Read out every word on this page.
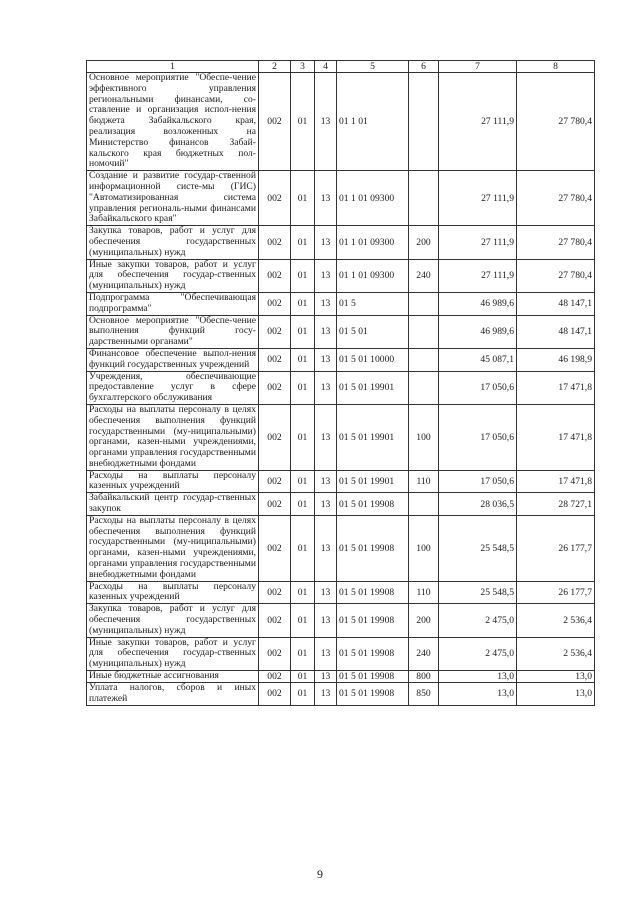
1	2	3	4	5	6	7	8
Основное мероприятие "Обеспе-чение эффективного управления региональными финансами, со-ставление и организация испол-нения бюджета Забайкальского края, реализация возложенных на Министерство финансов Забай-кальского края бюджетных пол-номочий"	002	01	13	01 1 01		27 111,9	27 780,4
Создание и развитие государ-ственной информационной систе-мы (ГИС) "Автоматизированная система управления региональ-ными финансами Забайкальского края"	002	01	13	01 1 01 09300		27 111,9	27 780,4
Закупка товаров, работ и услуг для обеспечения государственных (муниципальных) нужд	002	01	13	01 1 01 09300	200	27 111,9	27 780,4
Иные закупки товаров, работ и услуг для обеспечения государ-ственных (муниципальных) нужд	002	01	13	01 1 01 09300	240	27 111,9	27 780,4
Подпрограмма "Обеспечивающая подпрограмма"	002	01	13	01 5		46 989,6	48 147,1
Основное мероприятие "Обеспе-чение выполнения функций госу-дарственными органами"	002	01	13	01 5 01		46 989,6	48 147,1
Финансовое обеспечение выпол-нения функций государственных учреждений	002	01	13	01 5 01 10000		45 087,1	46 198,9
Учреждения, обеспечивающие предоставление услуг в сфере бухгалтерского обслуживания	002	01	13	01 5 01 19901		17 050,6	17 471,8
Расходы на выплаты персоналу в целях обеспечения выполнения функций государственными (му-ниципальными) органами, казен-ными учреждениями, органами управления государственными внебюджетными фондами	002	01	13	01 5 01 19901	100	17 050,6	17 471,8
Расходы на выплаты персоналу казенных учреждений	002	01	13	01 5 01 19901	110	17 050,6	17 471,8
Забайкальский центр государ-ственных закупок	002	01	13	01 5 01 19908		28 036,5	28 727,1
Расходы на выплаты персоналу в целях обеспечения выполнения функций государственными (му-ниципальными) органами, казен-ными учреждениями, органами управления государственными внебюджетными фондами	002	01	13	01 5 01 19908	100	25 548,5	26 177,7
Расходы на выплаты персоналу казенных учреждений	002	01	13	01 5 01 19908	110	25 548,5	26 177,7
Закупка товаров, работ и услуг для обеспечения государственных (муниципальных) нужд	002	01	13	01 5 01 19908	200	2 475,0	2 536,4
Иные закупки товаров, работ и услуг для обеспечения государ-ственных (муниципальных) нужд	002	01	13	01 5 01 19908	240	2 475,0	2 536,4
Иные бюджетные ассигнования	002	01	13	01 5 01 19908	800	13,0	13,0
Уплата налогов, сборов и иных платежей	002	01	13	01 5 01 19908	850	13,0	13,0
9
